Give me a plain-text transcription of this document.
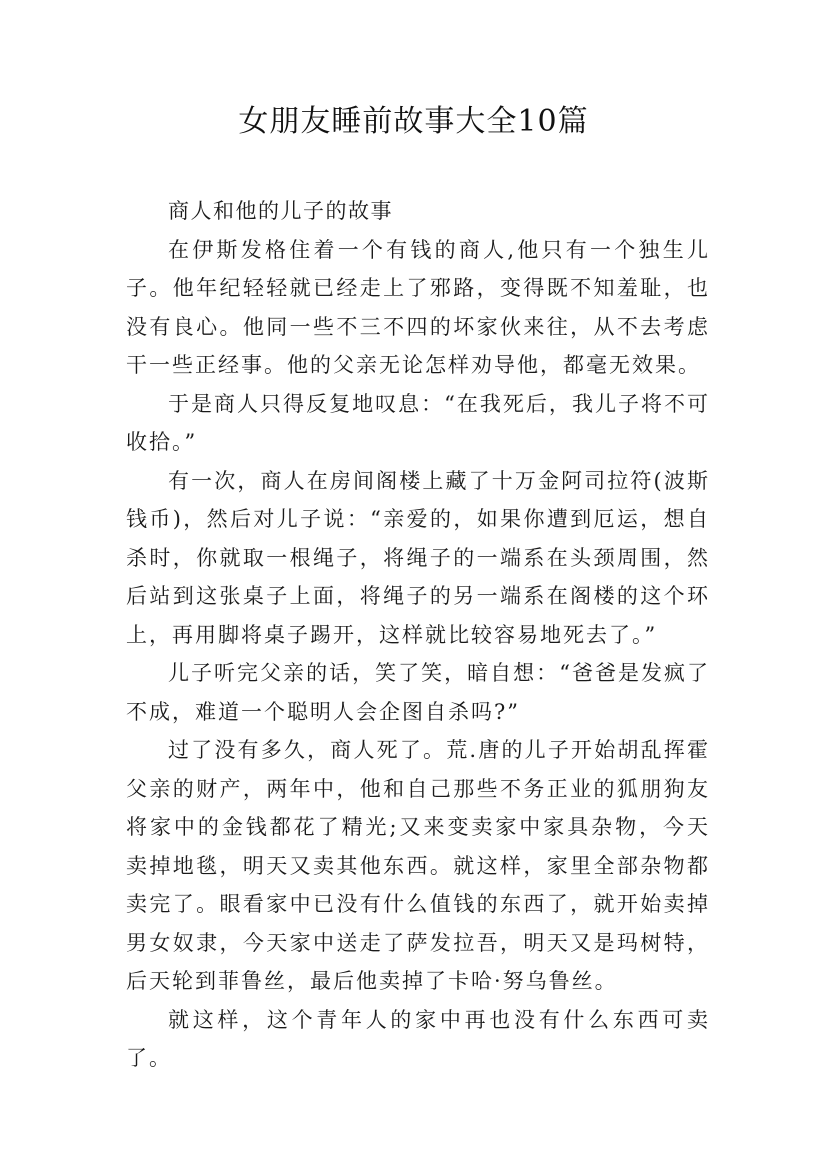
女朋友睡前故事大全10篇

商人和他的儿子的故事

在伊斯发格住着一个有钱的商人,他只有一个独生儿子。他年纪轻轻就已经走上了邪路，变得既不知羞耻，也没有良心。他同一些不三不四的坏家伙来往，从不去考虑干一些正经事。他的父亲无论怎样劝导他，都毫无效果。

于是商人只得反复地叹息：“在我死后，我儿子将不可收拾。”

有一次，商人在房间阁楼上藏了十万金阿司拉符(波斯钱币)，然后对儿子说：“亲爱的，如果你遭到厄运，想自杀时，你就取一根绳子，将绳子的一端系在头颈周围，然后站到这张桌子上面，将绳子的另一端系在阁楼的这个环上，再用脚将桌子踢开，这样就比较容易地死去了。”

儿子听完父亲的话，笑了笑，暗自想：“爸爸是发疯了不成，难道一个聪明人会企图自杀吗?”

过了没有多久，商人死了。荒.唐的儿子开始胡乱挥霍父亲的财产，两年中，他和自己那些不务正业的狐朋狗友将家中的金钱都花了精光;又来变卖家中家具杂物，今天卖掉地毯，明天又卖其他东西。就这样，家里全部杂物都卖完了。眼看家中已没有什么值钱的东西了，就开始卖掉男女奴隶，今天家中送走了萨发拉吾，明天又是玛树特，后天轮到菲鲁丝，最后他卖掉了卡哈·努乌鲁丝。

就这样，这个青年人的家中再也没有什么东西可卖了。
